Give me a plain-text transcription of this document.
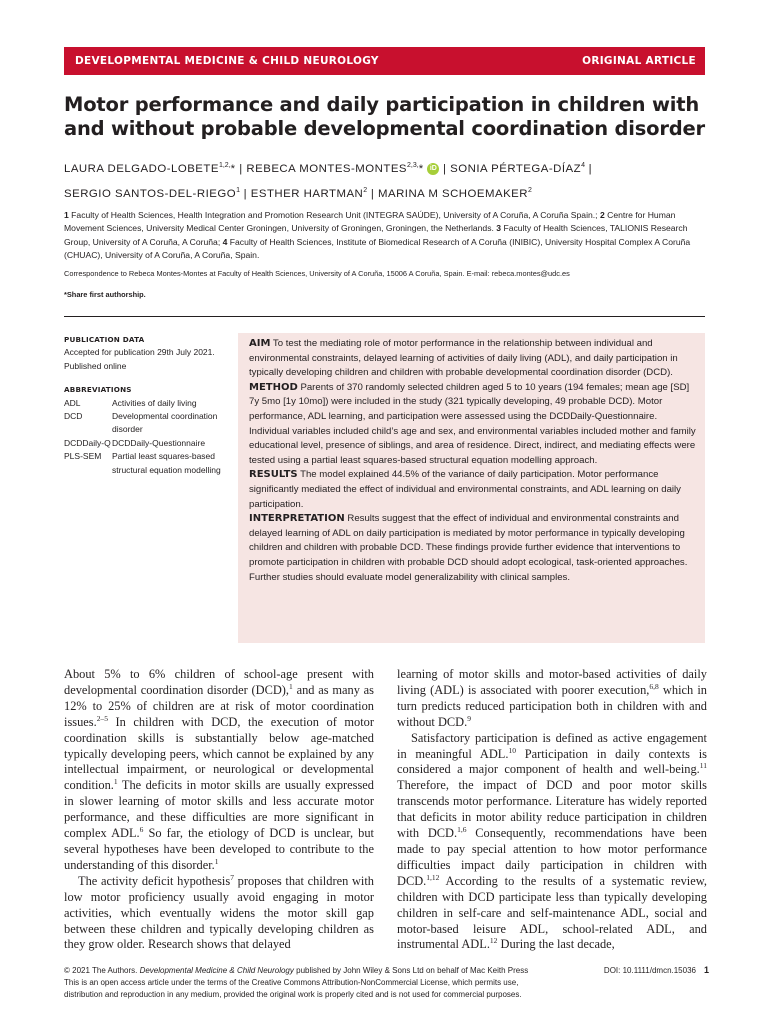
DEVELOPMENTAL MEDICINE & CHILD NEUROLOGY	ORIGINAL ARTICLE
Motor performance and daily participation in children with and without probable developmental coordination disorder
LAURA DELGADO-$LOBETE^{1,2,}*$ | REBECA MONTES-$MONTES^{2,3,}*$ iD | SONIA PÉRTEGA-DÍAZ$^4$ |
SERGIO SANTOS-DEL-RIEGO$^1$ | ESTHER HARTMAN$^2$ | MARINA M SCHOEMAKER$^2$
1 Faculty of Health Sciences, Health Integration and Promotion Research Unit (INTEGRA SAÚDE), University of A Coruña, A Coruña Spain.; 2 Centre for Human Movement Sciences, University Medical Center Groningen, University of Groningen, Groningen, the Netherlands. 3 Faculty of Health Sciences, TALIONIS Research Group, University of A Coruña, A Coruña; 4 Faculty of Health Sciences, Institute of Biomedical Research of A Coruña (INIBIC), University Hospital Complex A Coruña (CHUAC), University of A Coruña, A Coruña, Spain.
Correspondence to Rebeca Montes-Montes at Faculty of Health Sciences, University of A Coruña, 15006 A Coruña, Spain. E-mail: rebeca.montes@udc.es
*Share first authorship.
PUBLICATION DATA
Accepted for publication 29th July 2021.
Published online
ABBREVIATIONS
ADL	Activities of daily living
DCD	Developmental coordination disorder
DCDDaily-Q DCDDaily-Questionnaire
PLS-SEM	Partial least squares-based structural equation modelling

AIM To test the mediating role of motor performance in the relationship between individual and environmental constraints, delayed learning of activities of daily living (ADL), and daily participation in typically developing children and children with probable developmental coordination disorder (DCD).

METHOD Parents of 370 randomly selected children aged 5 to 10 years (194 females; mean age [SD] 7y 5mo [1y 10mo]) were included in the study (321 typically developing, 49 probable DCD). Motor performance, ADL learning, and participation were assessed using the DCDDaily-Questionnaire. Individual variables included child’s age and sex, and environmental variables included mother and family educational level, presence of siblings, and area of residence. Direct, indirect, and mediating effects were tested using a partial least squares-based structural equation modelling approach.

RESULTS The model explained 44.5% of the variance of daily participation. Motor performance significantly mediated the effect of individual and environmental constraints, and ADL learning on daily participation.

INTERPRETATION Results suggest that the effect of individual and environmental constraints and delayed learning of ADL on daily participation is mediated by motor performance in typically developing children and children with probable DCD. These findings provide further evidence that interventions to promote participation in children with probable DCD should adopt ecological, task-oriented approaches. Further studies should evaluate model generalizability with clinical samples.

About 5% to 6% children of school-age present with developmental coordination disorder (DCD),$^1$ and as many as 12% to 25% of children are at risk of motor coordination issues.$^{2-5}$ In children with DCD, the execution of motor coordination skills is substantially below age-matched typically developing peers, which cannot be explained by any intellectual impairment, or neurological or developmental condition.$^1$ The deficits in motor skills are usually expressed in slower learning of motor skills and less accurate motor performance, and these difficulties are more significant in complex ADL.$^6$ So far, the etiology of DCD is unclear, but several hypotheses have been developed to contribute to the understanding of this disorder.$^1$

The activity deficit hypothesis$^7$ proposes that children with low motor proficiency usually avoid engaging in motor activities, which eventually widens the motor skill gap between these children and typically developing children as they grow older. Research shows that delayed

learning of motor skills and motor-based activities of daily living (ADL) is associated with poorer execution,$^{6,8}$ which in turn predicts reduced participation both in children with and without DCD.$^9$

Satisfactory participation is defined as active engagement in meaningful ADL.$^{10}$ Participation in daily contexts is considered a major component of health and well-being.$^{11}$ Therefore, the impact of DCD and poor motor skills transcends motor performance. Literature has widely reported that deficits in motor ability reduce participation in children with DCD.$^{1,6}$ Consequently, recommendations have been made to pay special attention to how motor performance difficulties impact daily participation in children with DCD.$^{1,12}$ According to the results of a systematic review, children with DCD participate less than typically developing children in self-care and self-maintenance ADL, social and motor-based leisure ADL, school-related ADL, and instrumental ADL.$^{12}$ During the last decade,

© 2021 The Authors. Developmental Medicine & Child Neurology published by John Wiley & Sons Ltd on behalf of Mac Keith Press	DOI: 10.1111/dmcn.15036 1
This is an open access article under the terms of the Creative Commons Attribution-NonCommercial License, which permits use,
distribution and reproduction in any medium, provided the original work is properly cited and is not used for commercial purposes.
